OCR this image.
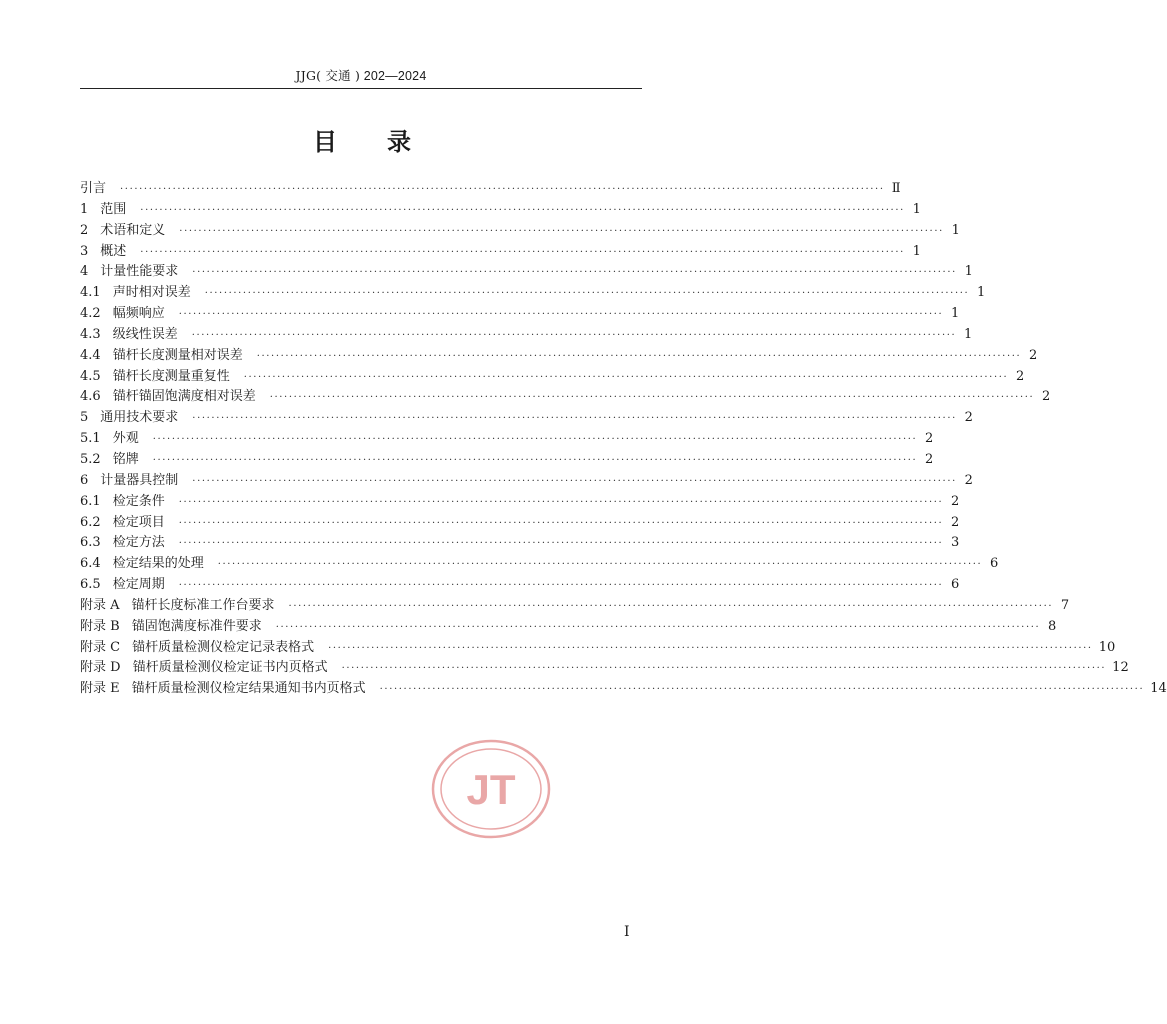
JJG( 交通 ) 202—2024
目录
引言 ································································································································································ Ⅱ
1 范围 ································································································································································ 1
2 术语和定义 ································································································································································ 1
3 概述 ································································································································································ 1
4 计量性能要求 ································································································································································ 1
4.1 声时相对误差 ································································································································································ 1
4.2 幅频响应 ································································································································································ 1
4.3 级线性误差 ································································································································································ 1
4.4 锚杆长度测量相对误差 ································································································································································ 2
4.5 锚杆长度测量重复性 ································································································································································ 2
4.6 锚杆锚固饱满度相对误差 ································································································································································ 2
5 通用技术要求 ································································································································································ 2
5.1 外观 ································································································································································ 2
5.2 铭牌 ································································································································································ 2
6 计量器具控制 ································································································································································ 2
6.1 检定条件 ································································································································································ 2
6.2 检定项目 ································································································································································ 2
6.3 检定方法 ································································································································································ 3
6.4 检定结果的处理 ································································································································································ 6
6.5 检定周期 ································································································································································ 6
附录 A 锚杆长度标准工作台要求 ································································································································································ 7
附录 B 锚固饱满度标准件要求 ································································································································································ 8
附录 C 锚杆质量检测仪检定记录表格式 ································································································································································ 10
附录 D 锚杆质量检测仪检定证书内页格式 ································································································································································ 12
附录 E 锚杆质量检测仪检定结果通知书内页格式 ································································································································································ 14
JT
I
